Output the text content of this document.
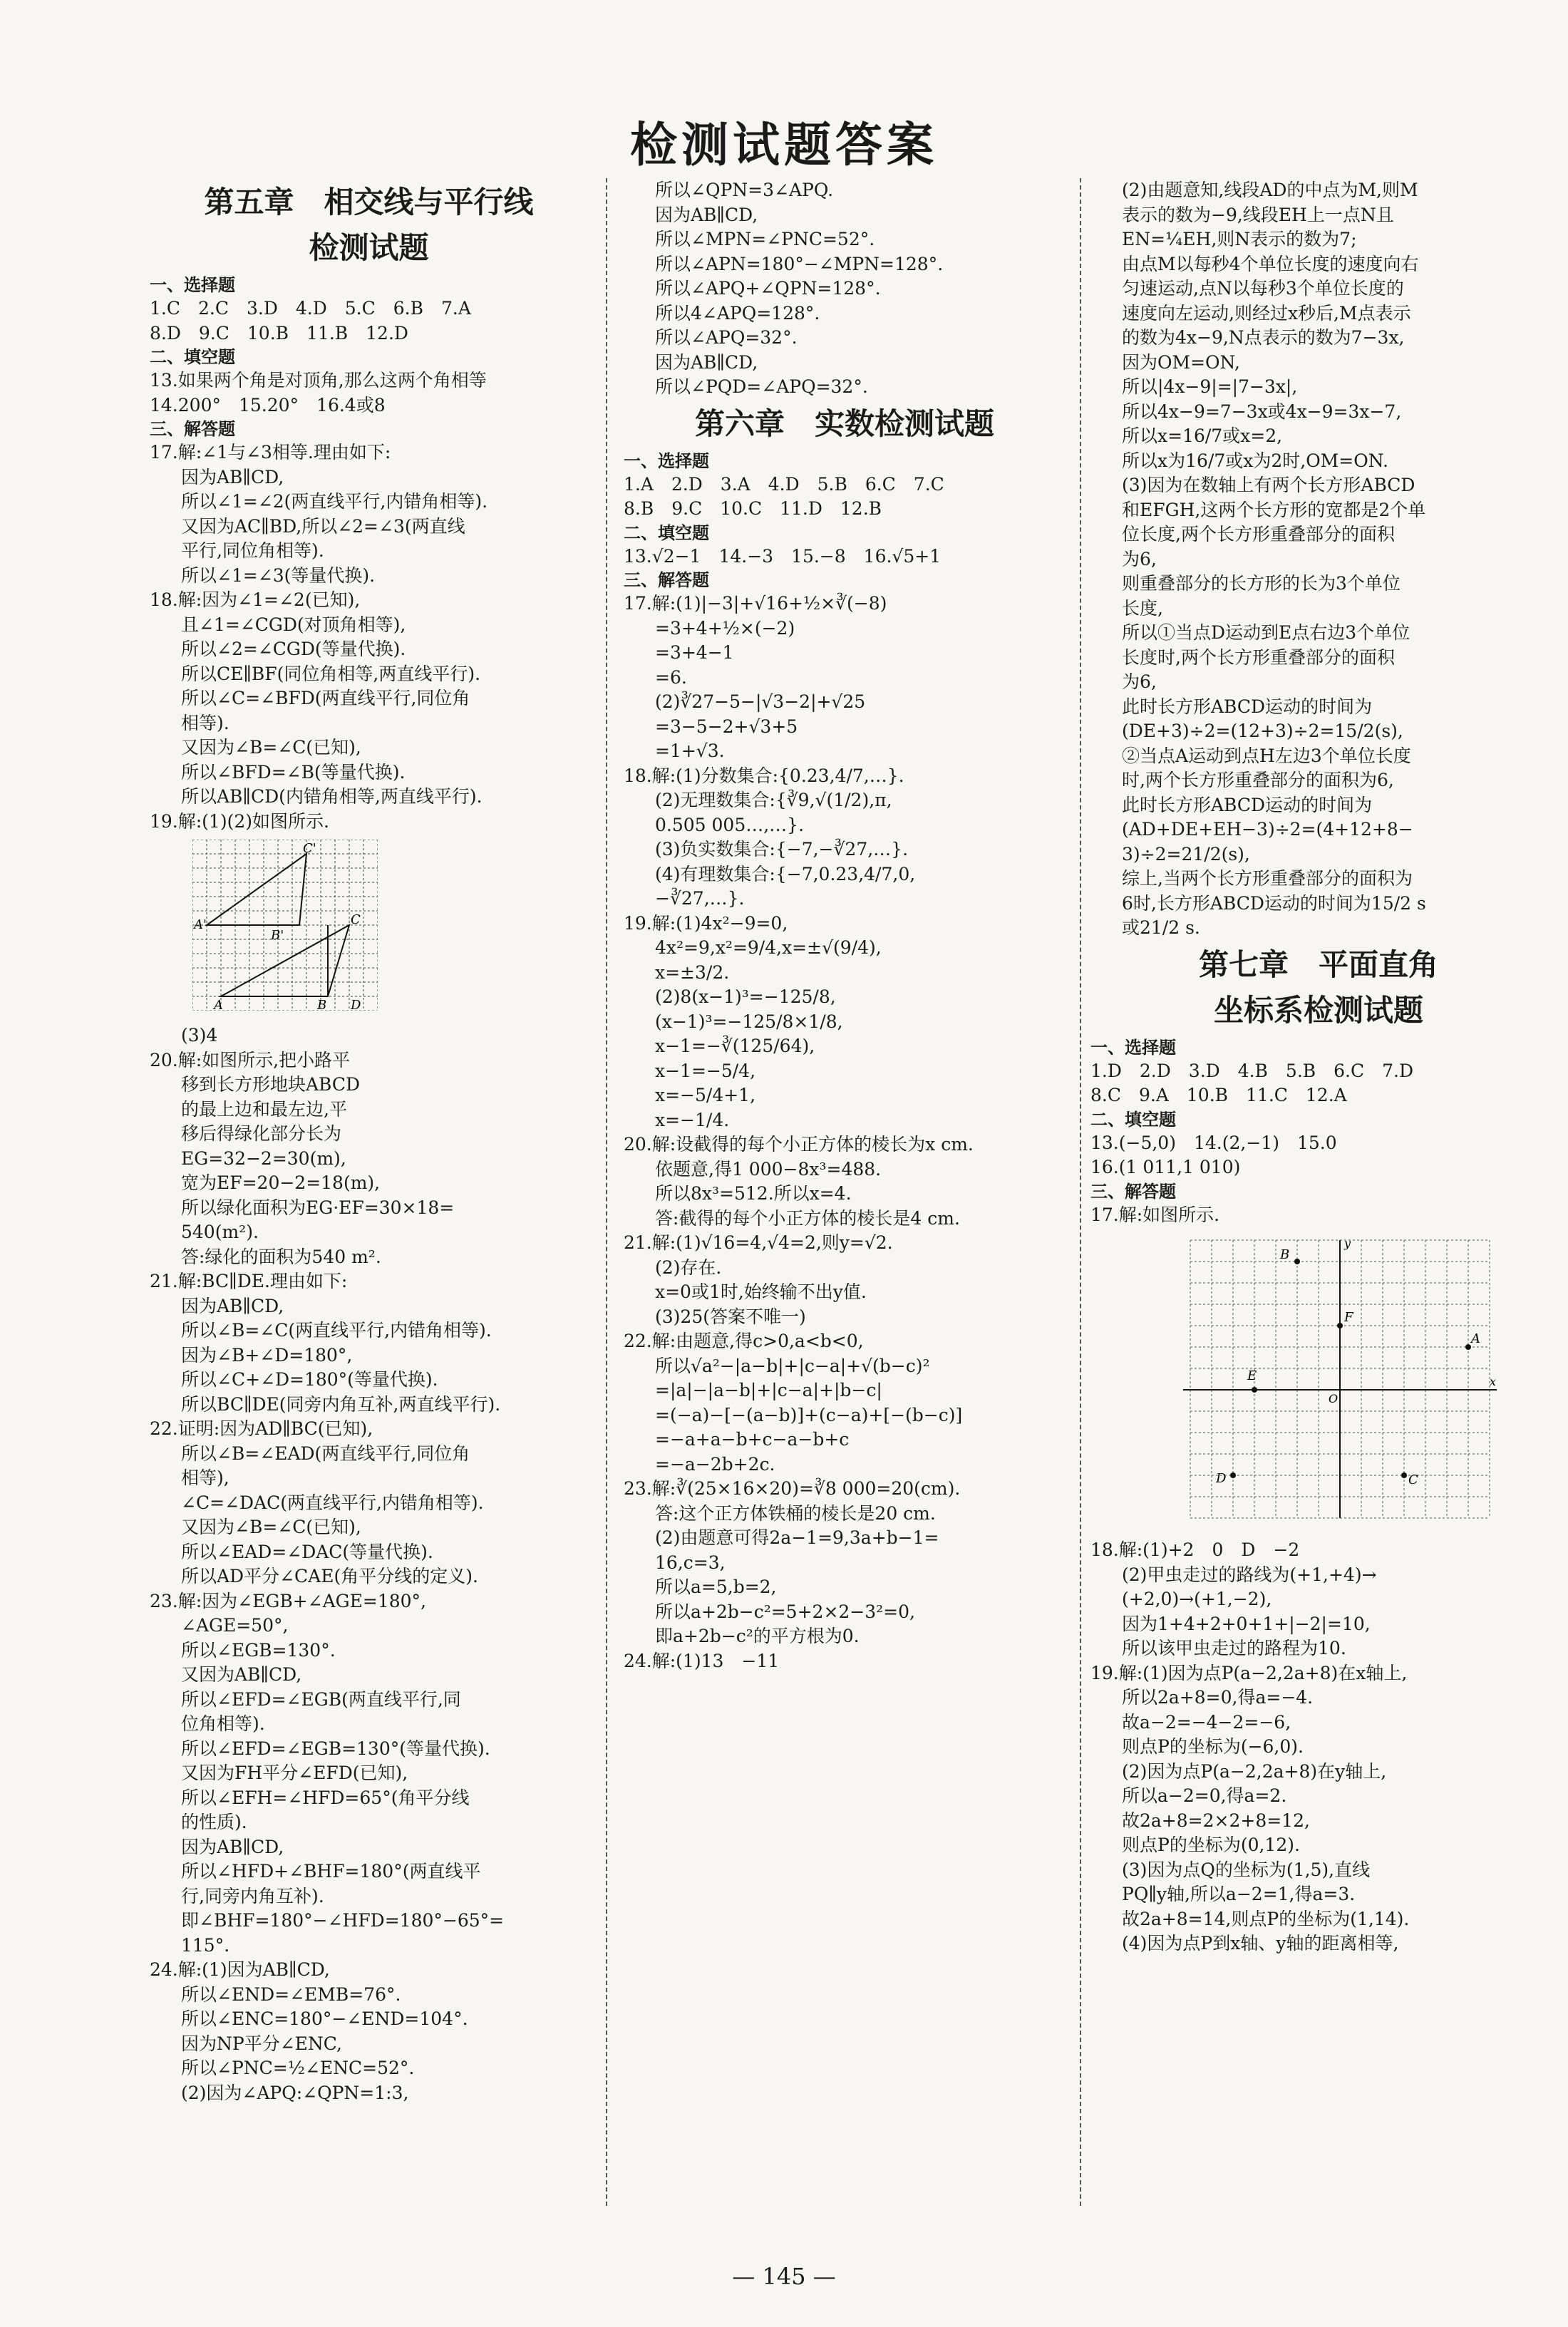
检测试题答案
第五章　相交线与平行线
检测试题
一、选择题
1.C　2.C　3.D　4.D　5.C　6.B　7.A
8.D　9.C　10.B　11.B　12.D
二、填空题
13.如果两个角是对顶角,那么这两个角相等
14.200°　15.20°　16.4或8
三、解答题
17.解:∠1与∠3相等.理由如下:
因为AB∥CD,
所以∠1=∠2(两直线平行,内错角相等).
又因为AC∥BD,所以∠2=∠3(两直线
平行,同位角相等).
所以∠1=∠3(等量代换).
18.解:因为∠1=∠2(已知),
且∠1=∠CGD(对顶角相等),
所以∠2=∠CGD(等量代换).
所以CE∥BF(同位角相等,两直线平行).
所以∠C=∠BFD(两直线平行,同位角
相等).
又因为∠B=∠C(已知),
所以∠BFD=∠B(等量代换).
所以AB∥CD(内错角相等,两直线平行).
19.解:(1)(2)如图所示.
A'
B'
C'
A	B
C
D
(3)4
20.解:如图所示,把小路平
移到长方形地块ABCD
的最上边和最左边,平
移后得绿化部分长为
EG=32−2=30(m),
宽为EF=20−2=18(m),
所以绿化面积为EG·EF=30×18=
540(m²).
答:绿化的面积为540 m².
21.解:BC∥DE.理由如下:
因为AB∥CD,
所以∠B=∠C(两直线平行,内错角相等).
因为∠B+∠D=180°,
所以∠C+∠D=180°(等量代换).
所以BC∥DE(同旁内角互补,两直线平行).
22.证明:因为AD∥BC(已知),
所以∠B=∠EAD(两直线平行,同位角
相等),
∠C=∠DAC(两直线平行,内错角相等).
又因为∠B=∠C(已知),
所以∠EAD=∠DAC(等量代换).
所以AD平分∠CAE(角平分线的定义).
23.解:因为∠EGB+∠AGE=180°,
∠AGE=50°,
所以∠EGB=130°.
又因为AB∥CD,
所以∠EFD=∠EGB(两直线平行,同
位角相等).
所以∠EFD=∠EGB=130°(等量代换).
又因为FH平分∠EFD(已知),
所以∠EFH=∠HFD=65°(角平分线
的性质).
因为AB∥CD,
所以∠HFD+∠BHF=180°(两直线平
行,同旁内角互补).
即∠BHF=180°−∠HFD=180°−65°=
115°.
24.解:(1)因为AB∥CD,
所以∠END=∠EMB=76°.
所以∠ENC=180°−∠END=104°.
因为NP平分∠ENC,
所以∠PNC=½∠ENC=52°.
(2)因为∠APQ:∠QPN=1:3,
所以∠QPN=3∠APQ.
因为AB∥CD,
所以∠MPN=∠PNC=52°.
所以∠APN=180°−∠MPN=128°.
所以∠APQ+∠QPN=128°.
所以4∠APQ=128°.
所以∠APQ=32°.
因为AB∥CD,
所以∠PQD=∠APQ=32°.
第六章　实数检测试题
一、选择题
1.A　2.D　3.A　4.D　5.B　6.C　7.C
8.B　9.C　10.C　11.D　12.B
二、填空题
13.√2−1　14.−3　15.−8　16.√5+1
三、解答题
17.解:(1)|−3|+√16+½×∛(−8)
=3+4+½×(−2)
=3+4−1
=6.
(2)∛27−5−|√3−2|+√25
=3−5−2+√3+5
=1+√3.
18.解:(1)分数集合:{0.23,4/7,…}.
(2)无理数集合:{∛9,√(1/2),π,
0.505 005…,…}.
(3)负实数集合:{−7,−∛27,…}.
(4)有理数集合:{−7,0.23,4/7,0,
−∛27,…}.
19.解:(1)4x²−9=0,
4x²=9,x²=9/4,x=±√(9/4),
x=±3/2.
(2)8(x−1)³=−125/8,
(x−1)³=−125/8×1/8,
x−1=−∛(125/64),
x−1=−5/4,
x=−5/4+1,
x=−1/4.
20.解:设截得的每个小正方体的棱长为x cm.
依题意,得1 000−8x³=488.
所以8x³=512.所以x=4.
答:截得的每个小正方体的棱长是4 cm.
21.解:(1)√16=4,√4=2,则y=√2.
(2)存在.
x=0或1时,始终输不出y值.
(3)25(答案不唯一)
22.解:由题意,得c>0,a<b<0,
所以√a²−|a−b|+|c−a|+√(b−c)²
=|a|−|a−b|+|c−a|+|b−c|
=(−a)−[−(a−b)]+(c−a)+[−(b−c)]
=−a+a−b+c−a−b+c
=−a−2b+2c.
23.解:∛(25×16×20)=∛8 000=20(cm).
答:这个正方体铁桶的棱长是20 cm.
(2)由题意可得2a−1=9,3a+b−1=
16,c=3,
所以a=5,b=2,
所以a+2b−c²=5+2×2−3²=0,
即a+2b−c²的平方根为0.
24.解:(1)13　−11
(2)由题意知,线段AD的中点为M,则M
表示的数为−9,线段EH上一点N且
EN=¼EH,则N表示的数为7;
由点M以每秒4个单位长度的速度向右
匀速运动,点N以每秒3个单位长度的
速度向左运动,则经过x秒后,M点表示
的数为4x−9,N点表示的数为7−3x,
因为OM=ON,
所以|4x−9|=|7−3x|,
所以4x−9=7−3x或4x−9=3x−7,
所以x=16/7或x=2,
所以x为16/7或x为2时,OM=ON.
(3)因为在数轴上有两个长方形ABCD
和EFGH,这两个长方形的宽都是2个单
位长度,两个长方形重叠部分的面积
为6,
则重叠部分的长方形的长为3个单位
长度,
所以①当点D运动到E点右边3个单位
长度时,两个长方形重叠部分的面积
为6,
此时长方形ABCD运动的时间为
(DE+3)÷2=(12+3)÷2=15/2(s),
②当点A运动到点H左边3个单位长度
时,两个长方形重叠部分的面积为6,
此时长方形ABCD运动的时间为
(AD+DE+EH−3)÷2=(4+12+8−
3)÷2=21/2(s),
综上,当两个长方形重叠部分的面积为
6时,长方形ABCD运动的时间为15/2 s
或21/2 s.
第七章　平面直角
坐标系检测试题
一、选择题
1.D　2.D　3.D　4.B　5.B　6.C　7.D
8.C　9.A　10.B　11.C　12.A
二、填空题
13.(−5,0)　14.(2,−1)　15.0
16.(1 011,1 010)
三、解答题
17.解:如图所示.
x
y
O
B
F
A
E
D	C
18.解:(1)+2　0　D　−2
(2)甲虫走过的路线为(+1,+4)→
(+2,0)→(+1,−2),
因为1+4+2+0+1+|−2|=10,
所以该甲虫走过的路程为10.
19.解:(1)因为点P(a−2,2a+8)在x轴上,
所以2a+8=0,得a=−4.
故a−2=−4−2=−6,
则点P的坐标为(−6,0).
(2)因为点P(a−2,2a+8)在y轴上,
所以a−2=0,得a=2.
故2a+8=2×2+8=12,
则点P的坐标为(0,12).
(3)因为点Q的坐标为(1,5),直线
PQ∥y轴,所以a−2=1,得a=3.
故2a+8=14,则点P的坐标为(1,14).
(4)因为点P到x轴、y轴的距离相等,
— 145 —
